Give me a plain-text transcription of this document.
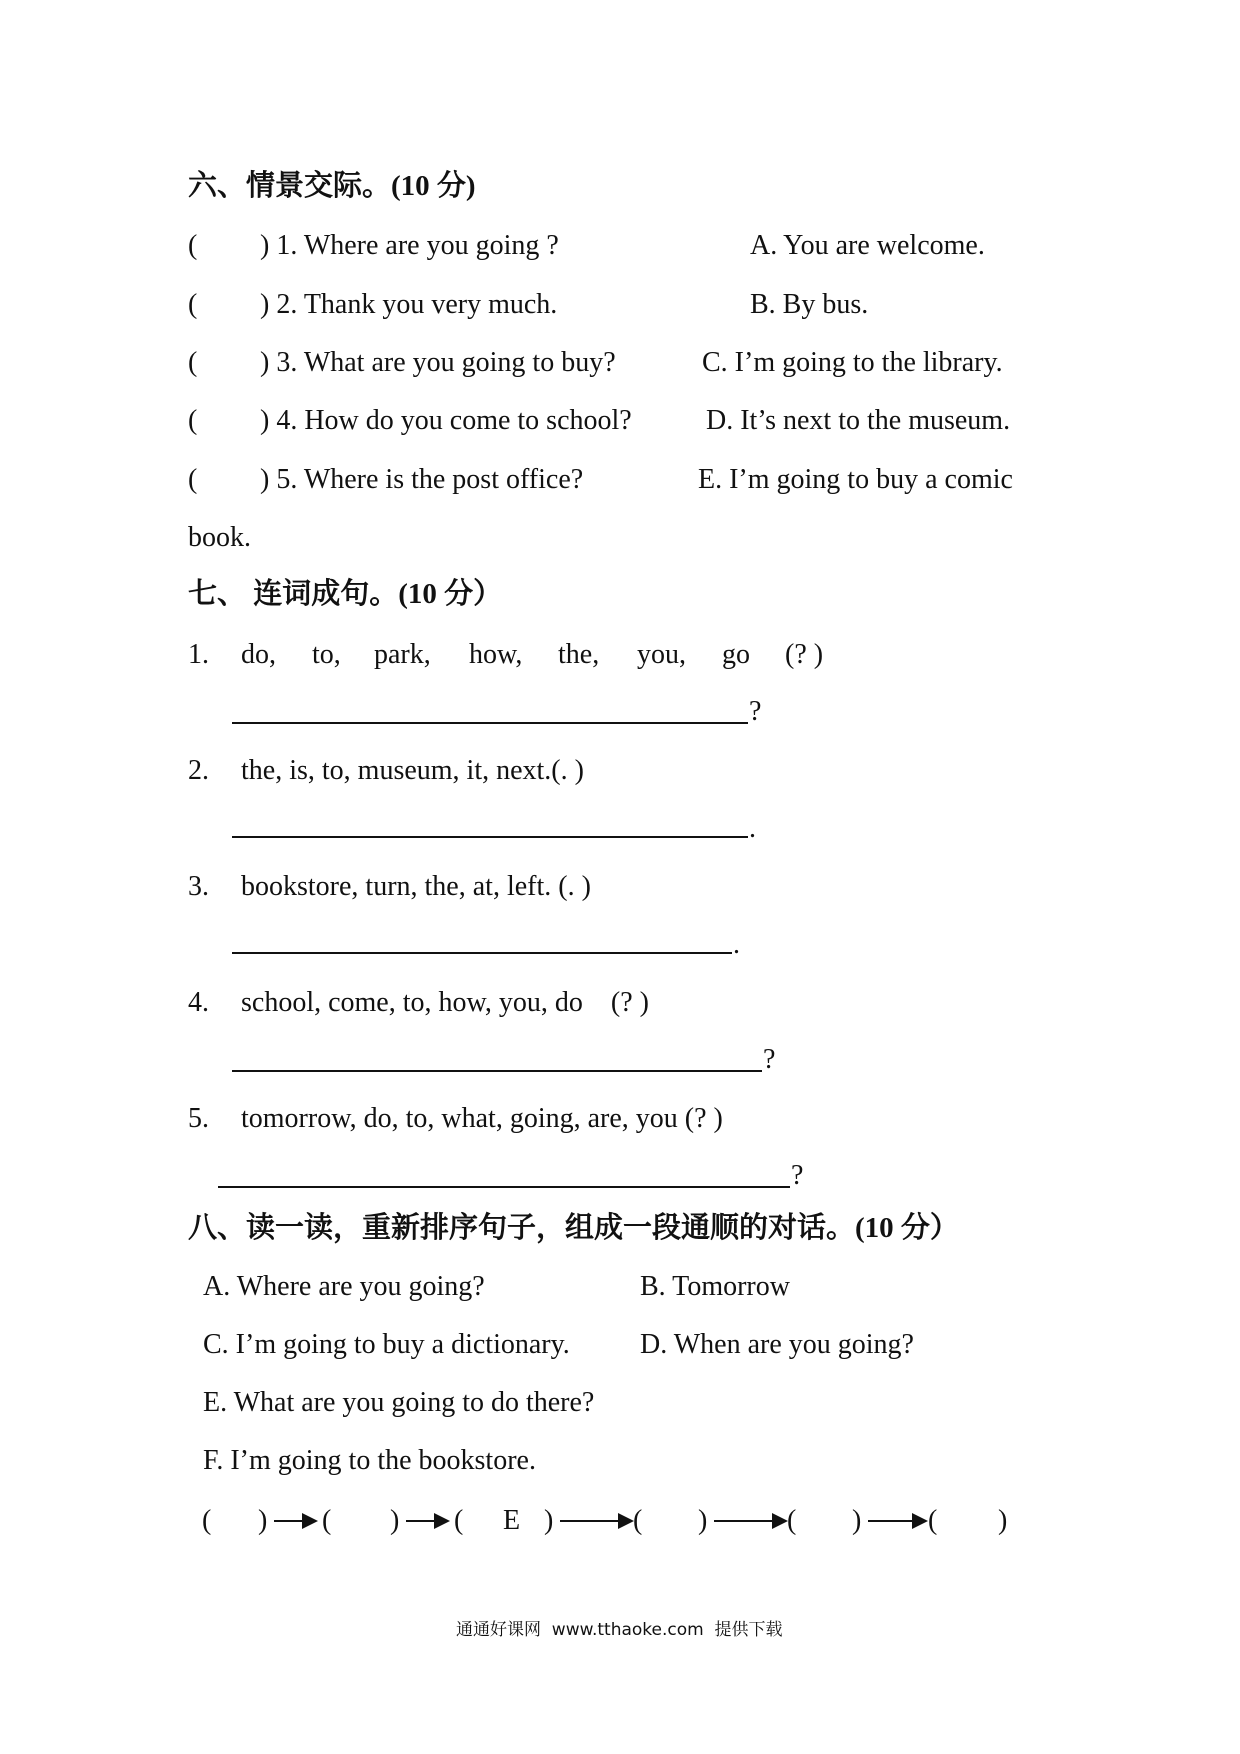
六、情景交际。(10 分)
( ) 1. Where are you going ?	A. You are welcome.
( ) 2. Thank you very much.	B. By bus.
( ) 3. What are you going to buy?	C. I’m going to the library.
( ) 4. How do you come to school?	D. It’s next to the museum.
( ) 5. Where is the post office?	E. I’m going to buy a comic
book.
七、 连词成句。(10 分）
1. do, to, park, how, the, you, go (? )
?
2. the, is, to, museum, it, next.(. )
.
3. bookstore, turn, the, at, left. (. )
.
4. school, come, to, how, you, do    (? )
?
5. tomorrow, do, to, what, going, are, you (? )
?
八、读一读，重新排序句子，组成一段通顺的对话。(10 分）
A. Where are you going?	B. Tomorrow
C. I’m going to buy a dictionary.	D. When are you going?
E. What are you going to do there?
F. I’m going to the bookstore.
( ) ( ) ( E )	( )	( ) ( )
通通好课网  www.tthaoke.com  提供下载
